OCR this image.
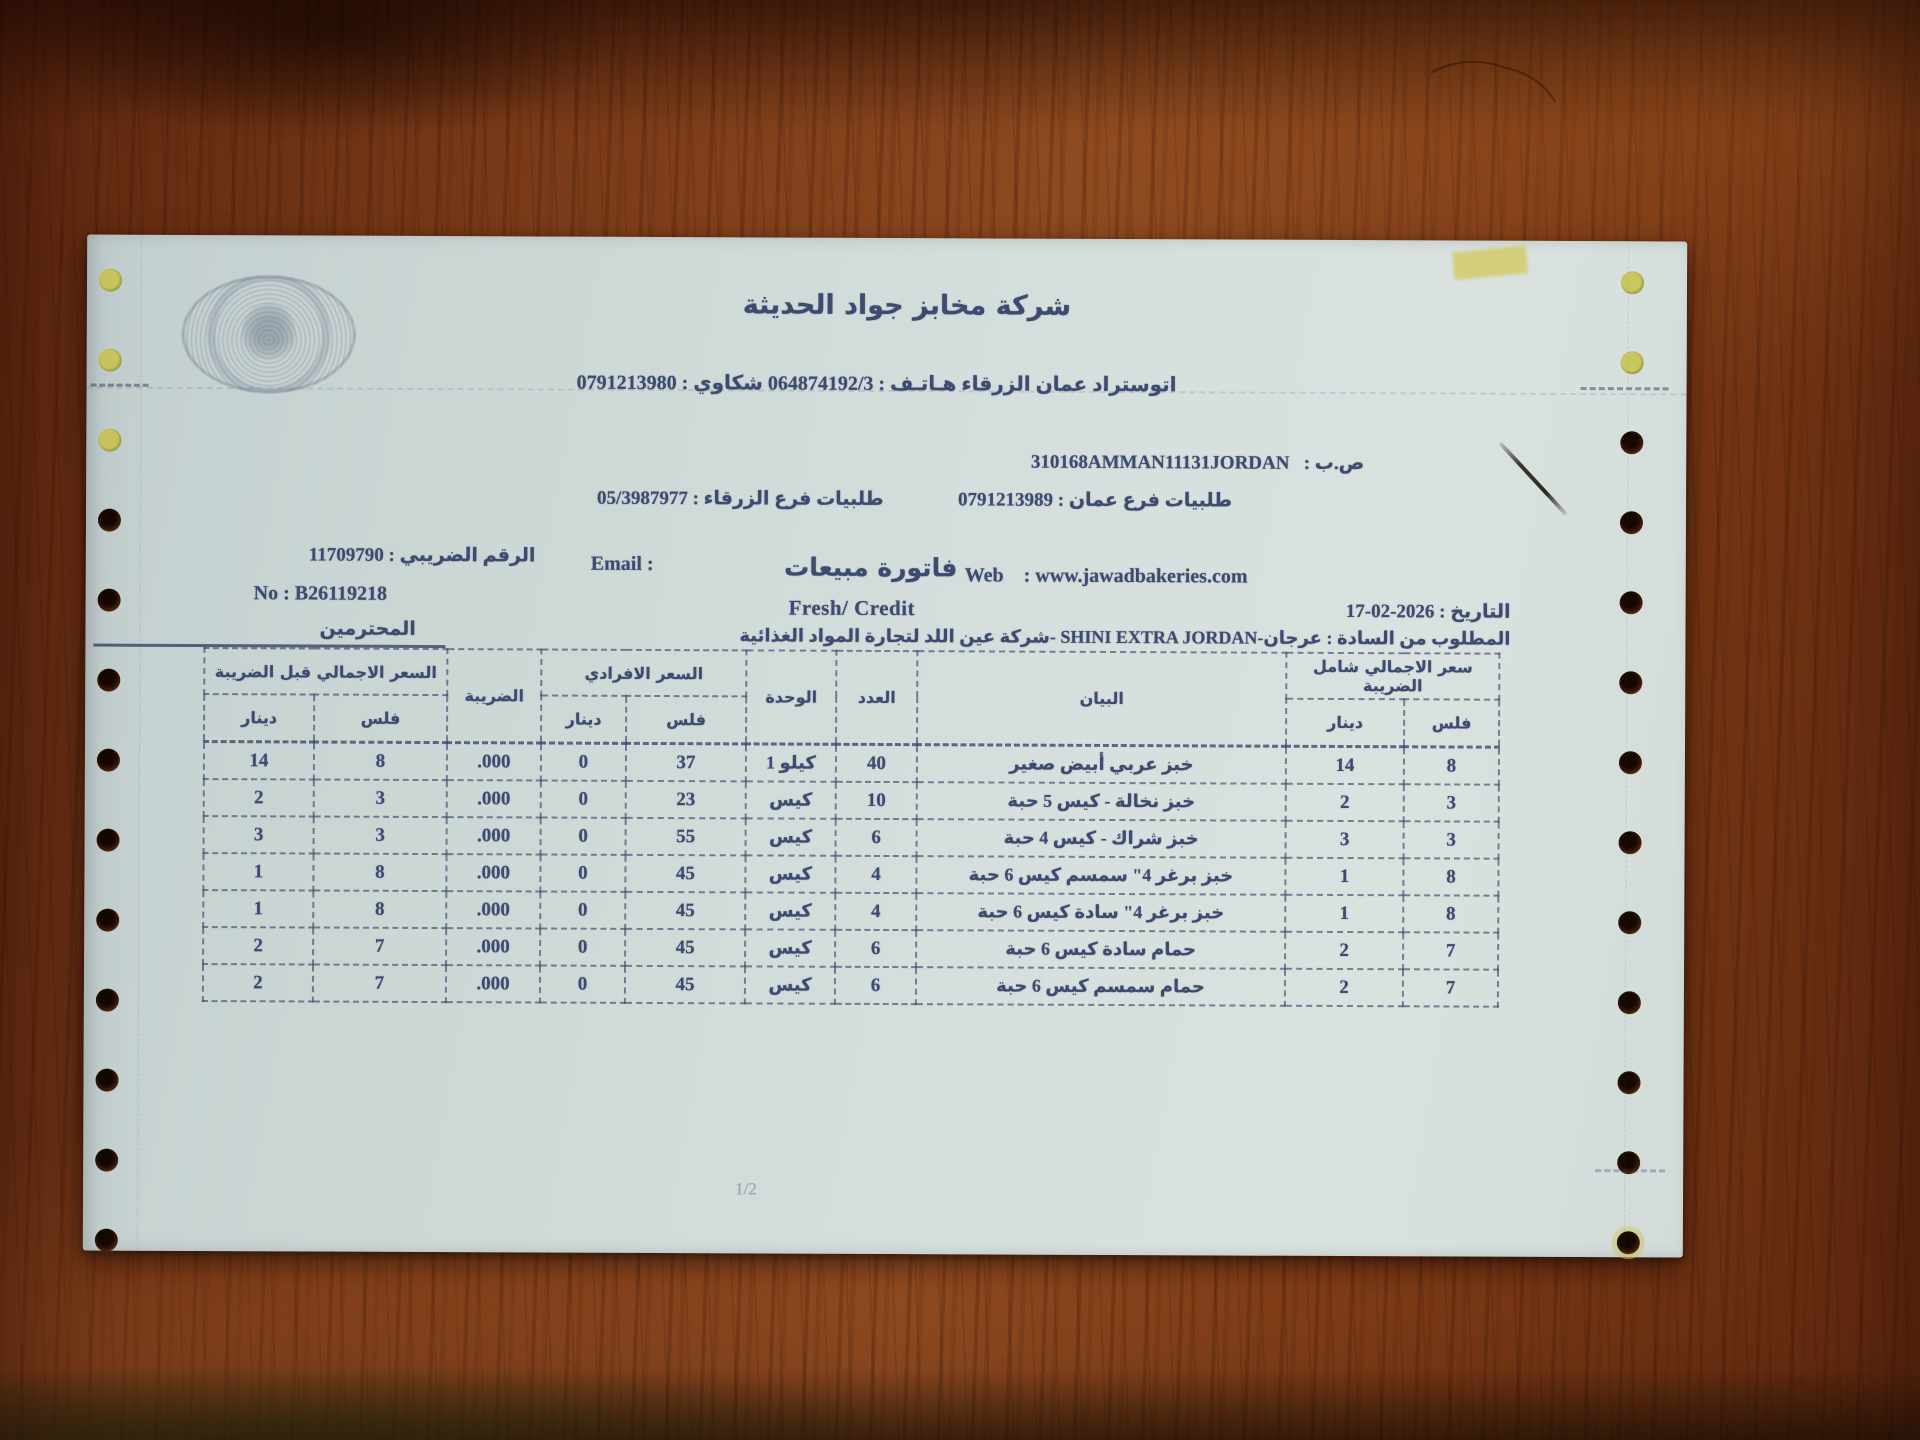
شركة مخابز جواد الحديثة
اتوستراد عمان الزرقاء هـاتـف : 064874192/3 شكاوي : 0791213980
ص.ب :   310168AMMAN11131JORDAN
طلبيات فرع عمان : 0791213989
طلبيات فرع الزرقاء : 05/3987977
فاتورة مبيعات
الرقم الضريبي : 11709790	Email :
Web : www.jawadbakeries.com
No : B26119218
Fresh/ Credit	التاريخ : 2026-02-17
المحترمين	المطلوب من السادة : عرجان-SHINI EXTRA JORDAN -شركة عين اللد لتجارة المواد الغذائية
السعر الاجمالي قبل الضريبة		الضريبة	السعر الافرادي		الوحدة	العدد	البيان	سعر الاجمالي شامل الضريبة	
دينار	فلس		دينار	فلس				دينار	فلس
14	8	.000	0	37	كيلو 1	40	خبز عربي أبيض صغير	14	8
2	3	.000	0	23	كيس	10	خبز نخالة - كيس 5 حبة	2	3
3	3	.000	0	55	كيس	6	خبز شراك - كيس 4 حبة	3	3
1	8	.000	0	45	كيس	4	خبز برغر 4" سمسم كيس 6 حبة	1	8
1	8	.000	0	45	كيس	4	خبز برغر 4" سادة كيس 6 حبة	1	8
2	7	.000	0	45	كيس	6	حمام سادة كيس 6 حبة	2	7
2	7	.000	0	45	كيس	6	حمام سمسم كيس 6 حبة	2	7
1/2
